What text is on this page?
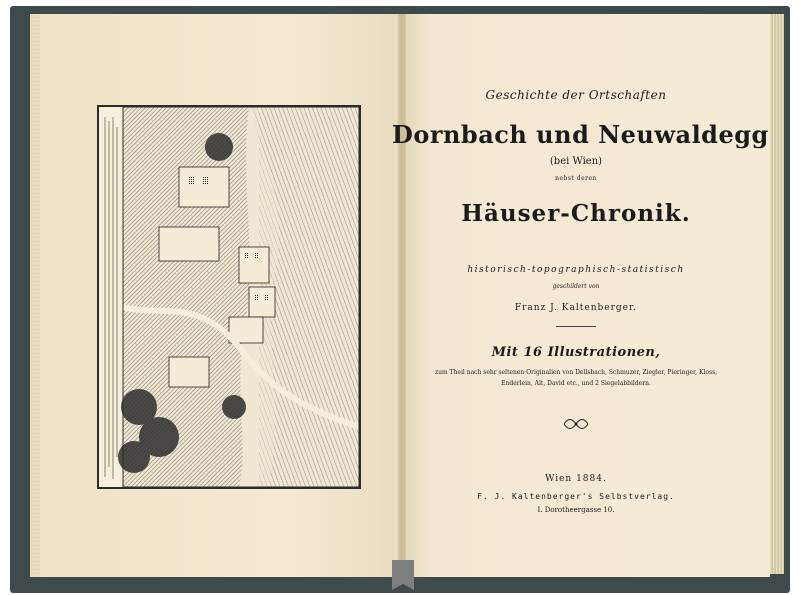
Geschichte der Ortschaften
Dornbach und Neuwaldegg
(bei Wien)
nebst deren
Häuser-Chronik.
historisch-topographisch-statistisch
geschildert von
Franz J. Kaltenberger.
Mit 16 Illustrationen,
zum Theil nach sehr seltenen Originalien von Dellsbach, Schmuzer, Ziegler, Pieringer, Kloss,
Enderlein, Alt, David etc., und 2 Siegelabbildern.
Wien 1884.
F. J. Kaltenberger's Selbstverlag.
I. Dorotheergasse 10.
